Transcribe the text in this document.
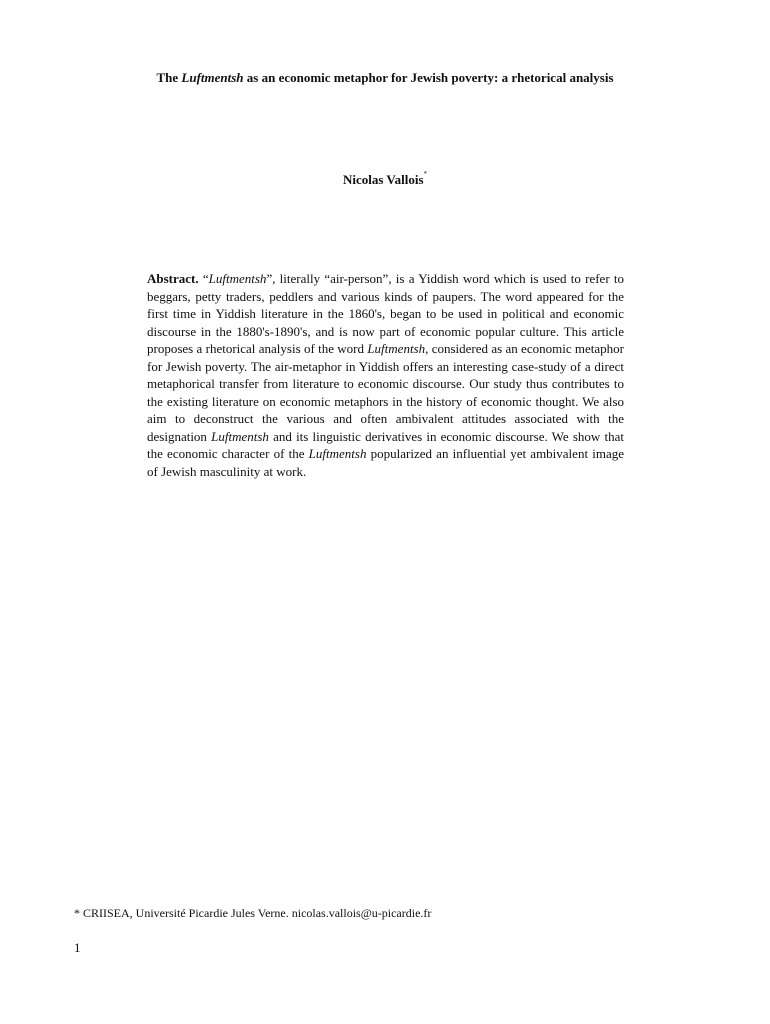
The Luftmentsh as an economic metaphor for Jewish poverty: a rhetorical analysis

Nicolas Vallois*

Abstract. “Luftmentsh”, literally “air-person”, is a Yiddish word which is used to refer to beggars, petty traders, peddlers and various kinds of paupers. The word appeared for the first time in Yiddish literature in the 1860's, began to be used in political and economic discourse in the 1880's-1890's, and is now part of economic popular culture. This article proposes a rhetorical analysis of the word Luftmentsh, considered as an economic metaphor for Jewish poverty. The air-metaphor in Yiddish offers an interesting case-study of a direct metaphorical transfer from literature to economic discourse. Our study thus contributes to the existing literature on economic metaphors in the history of economic thought. We also aim to deconstruct the various and often ambivalent attitudes associated with the designation Luftmentsh and its linguistic derivatives in economic discourse. We show that the economic character of the Luftmentsh popularized an influential yet ambivalent image of Jewish masculinity at work.

* CRIISEA, Université Picardie Jules Verne. nicolas.vallois@u-picardie.fr

1
